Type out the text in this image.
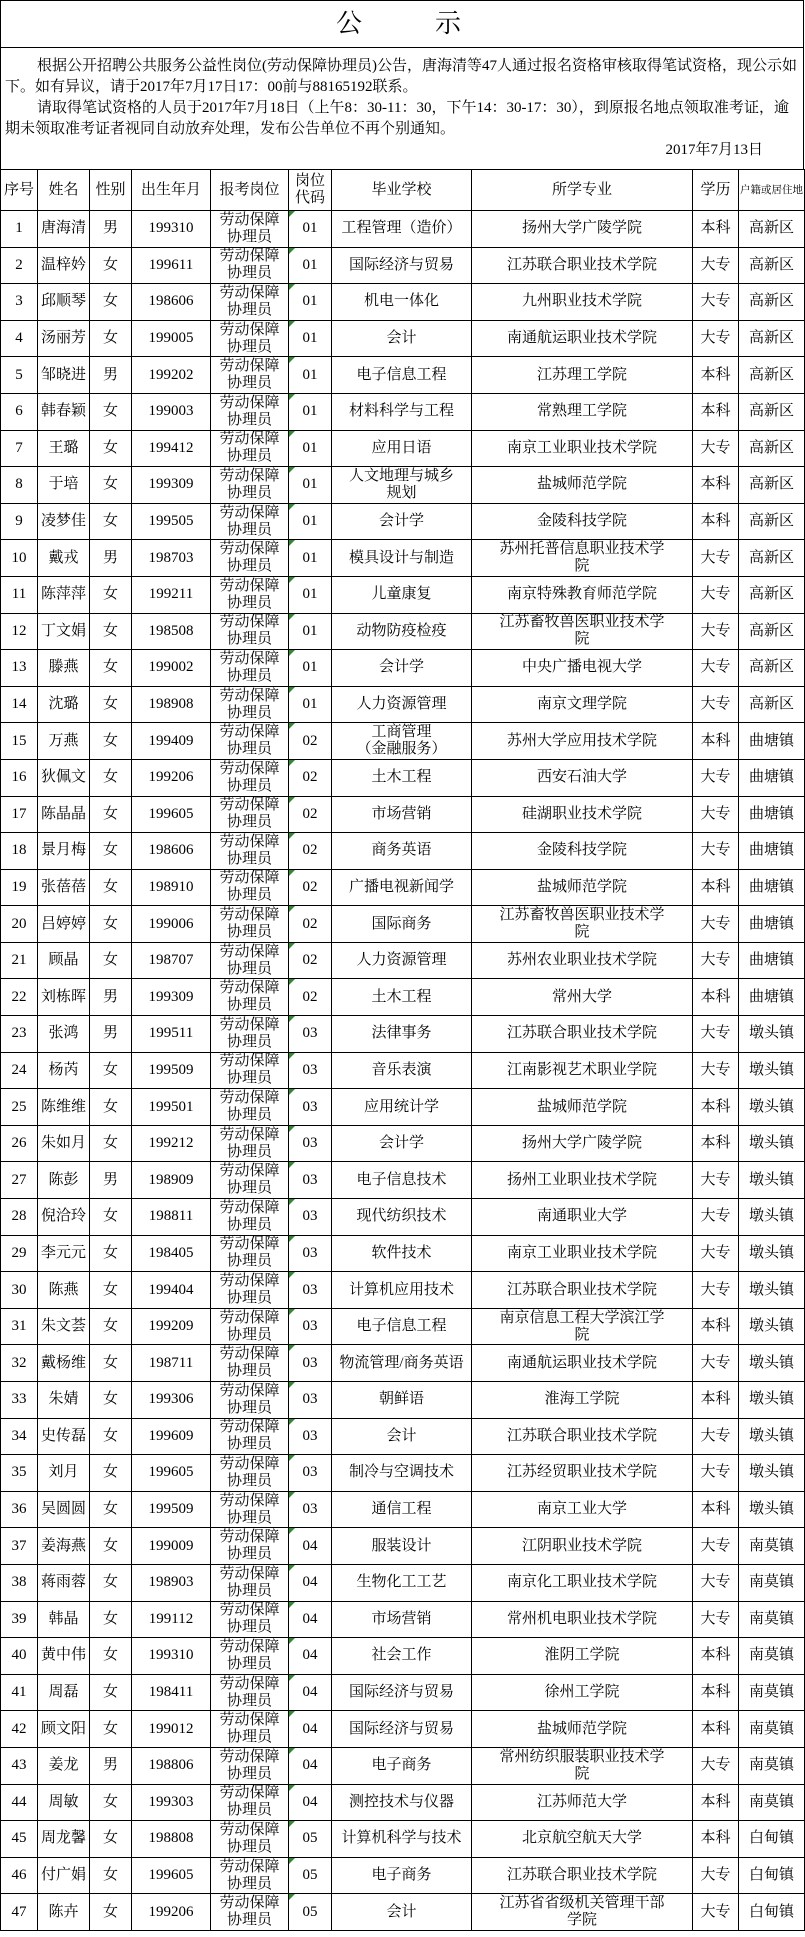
公　　示

根据公开招聘公共服务公益性岗位(劳动保障协理员)公告，唐海清等47人通过报名资格审核取得笔试资格，现公示如下。如有异议，请于2017年7月17日17：00前与88165192联系。

请取得笔试资格的人员于2017年7月18日（上午8：30-11：30，下午14：30-17：30），到原报名地点领取准考证，逾期未领取准考证者视同自动放弃处理，发布公告单位不再个别通知。

2017年7月13日

序号	姓名	性别	出生年月	报考岗位	岗位代码	毕业学校	所学专业	学历	户籍或居住地
1	唐海清	男	199310	劳动保障协理员	01	工程管理（造价）	扬州大学广陵学院	本科	高新区
2	温梓妗	女	199611	劳动保障协理员	01	国际经济与贸易	江苏联合职业技术学院	大专	高新区
3	邱顺琴	女	198606	劳动保障协理员	01	机电一体化	九州职业技术学院	大专	高新区
4	汤丽芳	女	199005	劳动保障协理员	01	会计	南通航运职业技术学院	大专	高新区
5	邹晓进	男	199202	劳动保障协理员	01	电子信息工程	江苏理工学院	本科	高新区
6	韩春颖	女	199003	劳动保障协理员	01	材料科学与工程	常熟理工学院	本科	高新区
7	王璐	女	199412	劳动保障协理员	01	应用日语	南京工业职业技术学院	大专	高新区
8	于培	女	199309	劳动保障协理员	01	人文地理与城乡
规划	盐城师范学院	本科	高新区
9	凌梦佳	女	199505	劳动保障协理员	01	会计学	金陵科技学院	本科	高新区
10	戴戎	男	198703	劳动保障协理员	01	模具设计与制造	苏州托普信息职业技术学院	大专	高新区
11	陈萍萍	女	199211	劳动保障协理员	01	儿童康复	南京特殊教育师范学院	大专	高新区
12	丁文娟	女	198508	劳动保障协理员	01	动物防疫检疫	江苏畜牧兽医职业技术学院	大专	高新区
13	滕燕	女	199002	劳动保障协理员	01	会计学	中央广播电视大学	大专	高新区
14	沈璐	女	198908	劳动保障协理员	01	人力资源管理	南京文理学院	大专	高新区
15	万燕	女	199409	劳动保障协理员	02	工商管理
（金融服务）	苏州大学应用技术学院	本科	曲塘镇
16	狄佩文	女	199206	劳动保障协理员	02	土木工程	西安石油大学	大专	曲塘镇
17	陈晶晶	女	199605	劳动保障协理员	02	市场营销	硅湖职业技术学院	大专	曲塘镇
18	景月梅	女	198606	劳动保障协理员	02	商务英语	金陵科技学院	大专	曲塘镇
19	张蓓蓓	女	198910	劳动保障协理员	02	广播电视新闻学	盐城师范学院	本科	曲塘镇
20	吕婷婷	女	199006	劳动保障协理员	02	国际商务	江苏畜牧兽医职业技术学院	大专	曲塘镇
21	顾晶	女	198707	劳动保障协理员	02	人力资源管理	苏州农业职业技术学院	大专	曲塘镇
22	刘栋晖	男	199309	劳动保障协理员	02	土木工程	常州大学	本科	曲塘镇
23	张鸿	男	199511	劳动保障协理员	03	法律事务	江苏联合职业技术学院	大专	墩头镇
24	杨芮	女	199509	劳动保障协理员	03	音乐表演	江南影视艺术职业学院	大专	墩头镇
25	陈维维	女	199501	劳动保障协理员	03	应用统计学	盐城师范学院	本科	墩头镇
26	朱如月	女	199212	劳动保障协理员	03	会计学	扬州大学广陵学院	本科	墩头镇
27	陈彭	男	198909	劳动保障协理员	03	电子信息技术	扬州工业职业技术学院	大专	墩头镇
28	倪洽玲	女	198811	劳动保障协理员	03	现代纺织技术	南通职业大学	大专	墩头镇
29	李元元	女	198405	劳动保障协理员	03	软件技术	南京工业职业技术学院	大专	墩头镇
30	陈燕	女	199404	劳动保障协理员	03	计算机应用技术	江苏联合职业技术学院	大专	墩头镇
31	朱文荟	女	199209	劳动保障协理员	03	电子信息工程	南京信息工程大学滨江学院	本科	墩头镇
32	戴杨维	女	198711	劳动保障协理员	03	物流管理/商务英语	南通航运职业技术学院	大专	墩头镇
33	朱婧	女	199306	劳动保障协理员	03	朝鲜语	淮海工学院	本科	墩头镇
34	史传磊	女	199609	劳动保障协理员	03	会计	江苏联合职业技术学院	大专	墩头镇
35	刘月	女	199605	劳动保障协理员	03	制冷与空调技术	江苏经贸职业技术学院	大专	墩头镇
36	吴圆圆	女	199509	劳动保障协理员	03	通信工程	南京工业大学	本科	墩头镇
37	姜海燕	女	199009	劳动保障协理员	04	服装设计	江阴职业技术学院	大专	南莫镇
38	蒋雨蓉	女	198903	劳动保障协理员	04	生物化工工艺	南京化工职业技术学院	大专	南莫镇
39	韩晶	女	199112	劳动保障协理员	04	市场营销	常州机电职业技术学院	大专	南莫镇
40	黄中伟	女	199310	劳动保障协理员	04	社会工作	淮阴工学院	本科	南莫镇
41	周磊	女	198411	劳动保障协理员	04	国际经济与贸易	徐州工学院	本科	南莫镇
42	顾文阳	女	199012	劳动保障协理员	04	国际经济与贸易	盐城师范学院	本科	南莫镇
43	姜龙	男	198806	劳动保障协理员	04	电子商务	常州纺织服装职业技术学院	大专	南莫镇
44	周敏	女	199303	劳动保障协理员	04	测控技术与仪器	江苏师范大学	本科	南莫镇
45	周龙馨	女	198808	劳动保障协理员	05	计算机科学与技术	北京航空航天大学	本科	白甸镇
46	付广娟	女	199605	劳动保障协理员	05	电子商务	江苏联合职业技术学院	大专	白甸镇
47	陈卉	女	199206	劳动保障协理员	05	会计	江苏省省级机关管理干部学院	大专	白甸镇
